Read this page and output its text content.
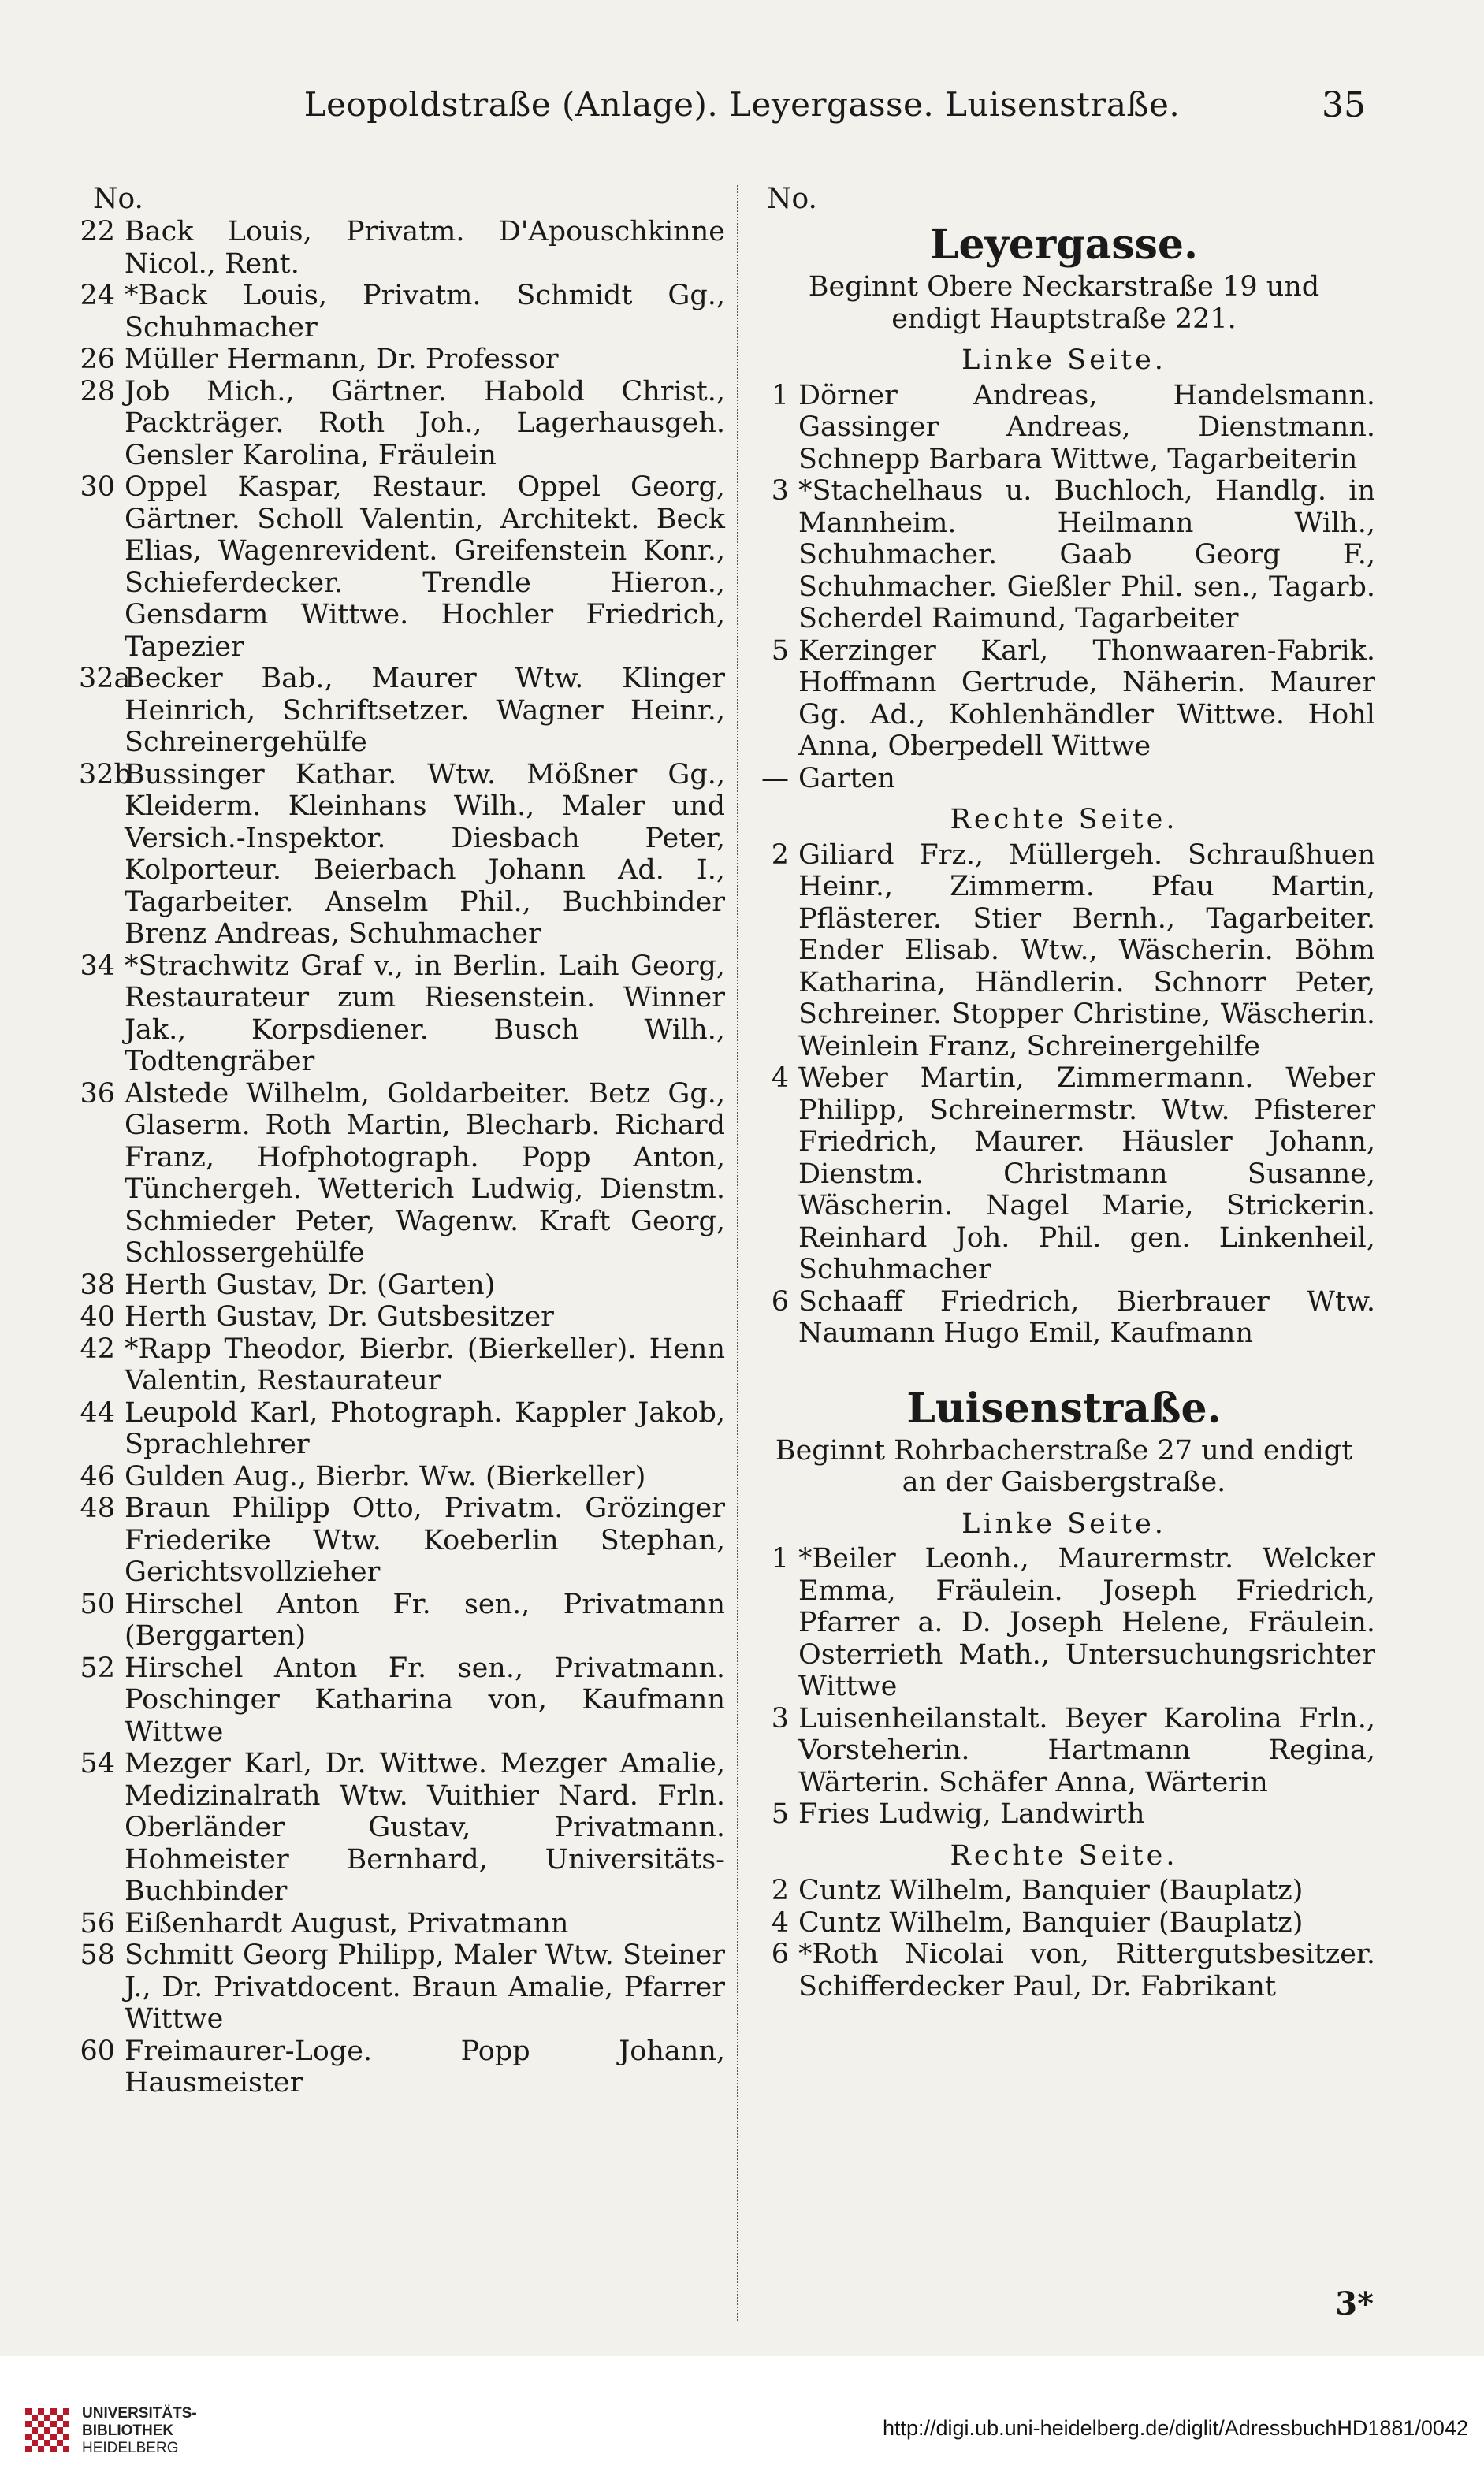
Leopoldstraße (Anlage). Leyergasse. Luisenstraße.	35
No.
22 Back Louis, Privatm. D'Apouschkinne Nicol., Rent.
24 *Back Louis, Privatm. Schmidt Gg., Schuhmacher
26 Müller Hermann, Dr. Professor
28 Job Mich., Gärtner. Habold Christ., Packträger. Roth Joh., Lagerhausgeh. Gensler Karolina, Fräulein
30 Oppel Kaspar, Restaur. Oppel Georg, Gärtner. Scholl Valentin, Architekt. Beck Elias, Wagenrevident. Greifenstein Konr., Schieferdecker. Trendle Hieron., Gensdarm Wittwe. Hochler Friedrich, Tapezier
32a
Becker Bab., Maurer Wtw. Klinger Heinrich, Schriftsetzer. Wagner Heinr., Schreinergehülfe
32b
Bussinger Kathar. Wtw. Mößner Gg., Kleiderm. Kleinhans Wilh., Maler und Versich.-Inspektor. Diesbach Peter, Kolporteur. Beierbach Johann Ad. I., Tagarbeiter. Anselm Phil., Buchbinder Brenz Andreas, Schuhmacher
34 *Strachwitz Graf v., in Berlin. Laih Georg, Restaurateur zum Riesenstein. Winner Jak., Korpsdiener. Busch Wilh., Todtengräber
36 Alstede Wilhelm, Goldarbeiter. Betz Gg., Glaserm. Roth Martin, Blecharb. Richard Franz, Hofphotograph. Popp Anton, Tünchergeh. Wetterich Ludwig, Dienstm. Schmieder Peter, Wagenw. Kraft Georg, Schlossergehülfe
38 Herth Gustav, Dr. (Garten)
40 Herth Gustav, Dr. Gutsbesitzer
42 *Rapp Theodor, Bierbr. (Bierkeller). Henn Valentin, Restaurateur
44 Leupold Karl, Photograph. Kappler Jakob, Sprachlehrer
46 Gulden Aug., Bierbr. Ww. (Bierkeller)
48 Braun Philipp Otto, Privatm. Grözinger Friederike Wtw. Koeberlin Stephan, Gerichtsvollzieher
50 Hirschel Anton Fr. sen., Privatmann (Berggarten)
52 Hirschel Anton Fr. sen., Privatmann. Poschinger Katharina von, Kaufmann Wittwe
54 Mezger Karl, Dr. Wittwe. Mezger Amalie, Medizinalrath Wtw. Vuithier Nard. Frln. Oberländer Gustav, Privatmann. Hohmeister Bernhard, Universitäts-Buchbinder
56 Eißenhardt August, Privatmann
58 Schmitt Georg Philipp, Maler Wtw. Steiner J., Dr. Privatdocent. Braun Amalie, Pfarrer Wittwe
60 Freimaurer-Loge. Popp Johann, Hausmeister
No.
Leyergasse.
Beginnt Obere Neckarstraße 19 und endigt Hauptstraße 221.
Linke Seite.
1 Dörner Andreas, Handelsmann. Gassinger Andreas, Dienstmann. Schnepp Barbara Wittwe, Tagarbeiterin
3 *Stachelhaus u. Buchloch, Handlg. in Mannheim. Heilmann Wilh., Schuhmacher. Gaab Georg F., Schuhmacher. Gießler Phil. sen., Tagarb. Scherdel Raimund, Tagarbeiter
5 Kerzinger Karl, Thonwaaren-Fabrik. Hoffmann Gertrude, Näherin. Maurer Gg. Ad., Kohlenhändler Wittwe. Hohl Anna, Oberpedell Wittwe
— Garten
Rechte Seite.
2 Giliard Frz., Müllergeh. Schraußhuen Heinr., Zimmerm. Pfau Martin, Pflästerer. Stier Bernh., Tagarbeiter. Ender Elisab. Wtw., Wäscherin. Böhm Katharina, Händlerin. Schnorr Peter, Schreiner. Stopper Christine, Wäscherin. Weinlein Franz, Schreinergehilfe
4 Weber Martin, Zimmermann. Weber Philipp, Schreinermstr. Wtw. Pfisterer Friedrich, Maurer. Häusler Johann, Dienstm. Christmann Susanne, Wäscherin. Nagel Marie, Strickerin. Reinhard Joh. Phil. gen. Linkenheil, Schuhmacher
6 Schaaff Friedrich, Bierbrauer Wtw. Naumann Hugo Emil, Kaufmann
Luisenstraße.
Beginnt Rohrbacherstraße 27 und endigt an der Gaisbergstraße.
Linke Seite.
1 *Beiler Leonh., Maurermstr. Welcker Emma, Fräulein. Joseph Friedrich, Pfarrer a. D. Joseph Helene, Fräulein. Osterrieth Math., Untersuchungsrichter Wittwe
3 Luisenheilanstalt. Beyer Karolina Frln., Vorsteherin. Hartmann Regina, Wärterin. Schäfer Anna, Wärterin
5 Fries Ludwig, Landwirth
Rechte Seite.
2 Cuntz Wilhelm, Banquier (Bauplatz)
4 Cuntz Wilhelm, Banquier (Bauplatz)
6 *Roth Nicolai von, Rittergutsbesitzer. Schifferdecker Paul, Dr. Fabrikant
3*
UNIVERSITÄTS-
BIBLIOTHEK
HEIDELBERG
http://digi.ub.uni-heidelberg.de/diglit/AdressbuchHD1881/0042
